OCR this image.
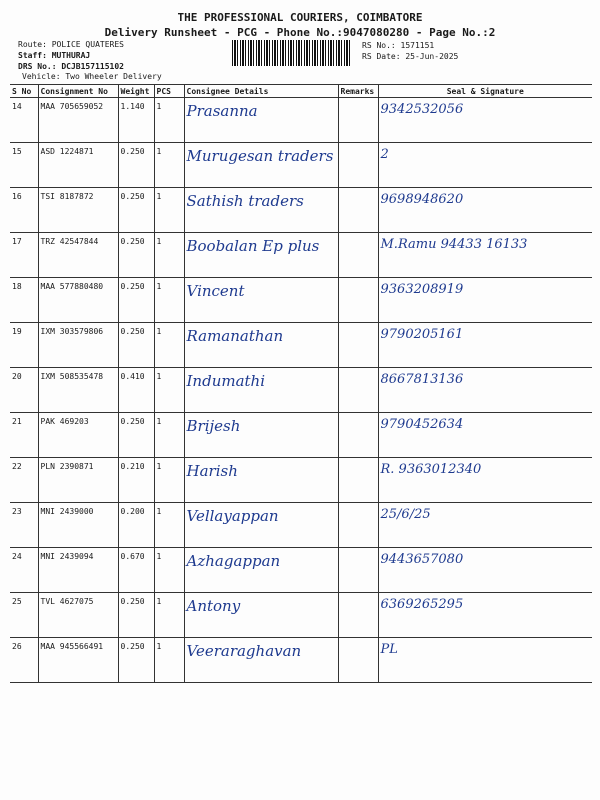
THE PROFESSIONAL COURIERS, COIMBATORE
Delivery Runsheet - PCG - Phone No.:9047080280 - Page No.:2
Route: POLICE QUATERES
Staff: MUTHURAJ
DRS No.: DCJB157115102
Vehicle: Two Wheeler Delivery
RS No.: 1571151
RS Date: 25-Jun-2025
S No	Consignment No	Weight	PCS	Consignee Details	Remarks	Seal & Signature
14	MAA 705659052	1.140	1	Prasanna		9342532056
15	ASD 1224871	0.250	1	Murugesan traders		2
16	TSI 8187872	0.250	1	Sathish traders		9698948620
17	TRZ 42547844	0.250	1	Boobalan Ep plus		M.Ramu 94433 16133
18	MAA 577880480	0.250	1	Vincent		9363208919
19	IXM 303579806	0.250	1	Ramanathan		9790205161
20	IXM 508535478	0.410	1	Indumathi		8667813136
21	PAK 469203	0.250	1	Brijesh		9790452634
22	PLN 2390871	0.210	1	Harish		R. 9363012340
23	MNI 2439000	0.200	1	Vellayappan		25/6/25
24	MNI 2439094	0.670	1	Azhagappan		9443657080
25	TVL 4627075	0.250	1	Antony		6369265295
26	MAA 945566491	0.250	1	Veeraraghavan		PL
